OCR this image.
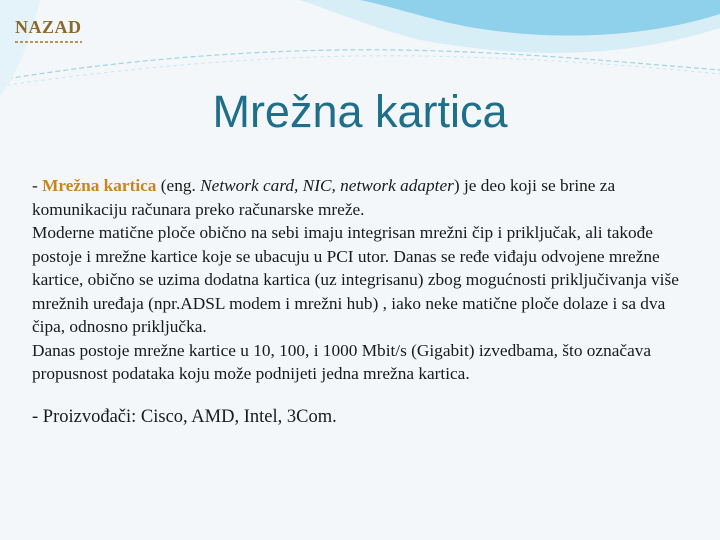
NAZAD
Mrežna kartica

- Mrežna kartica (eng. Network card, NIC, network adapter) je deo koji se brine za komunikaciju računara preko računarske mreže.

Moderne matične ploče obično na sebi imaju integrisan mrežni čip i priključak, ali takođe postoje i mrežne kartice koje se ubacuju u PCI utor. Danas se ređe viđaju odvojene mrežne kartice, obično se uzima dodatna kartica (uz integrisanu) zbog mogućnosti priključivanja više mrežnih uređaja (npr.ADSL modem i mrežni hub) , iako neke matične ploče dolaze i sa dva čipa, odnosno priključka.

Danas postoje mrežne kartice u 10, 100, i 1000 Mbit/s (Gigabit) izvedbama, što označava propusnost podataka koju može podnijeti jedna mrežna kartica.

- Proizvođači: Cisco, AMD, Intel, 3Com.
